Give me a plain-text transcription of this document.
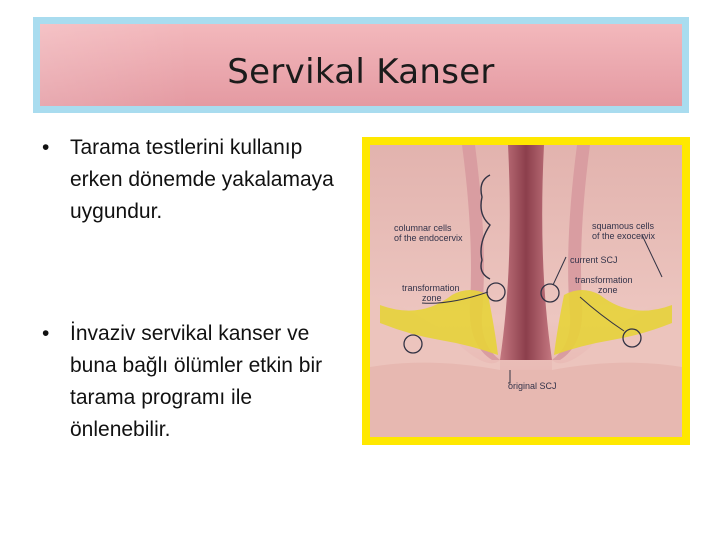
Servikal Kanser
• Tarama testlerini kullanıp erken dönemde yakalamaya uygundur.
• İnvaziv servikal kanser ve buna bağlı ölümler etkin bir tarama programı ile önlenebilir.
columnar cells
of the endocervix
squamous cells
of the exocervix
current SCJ
transformation
zone
transformation
zone
original SCJ
